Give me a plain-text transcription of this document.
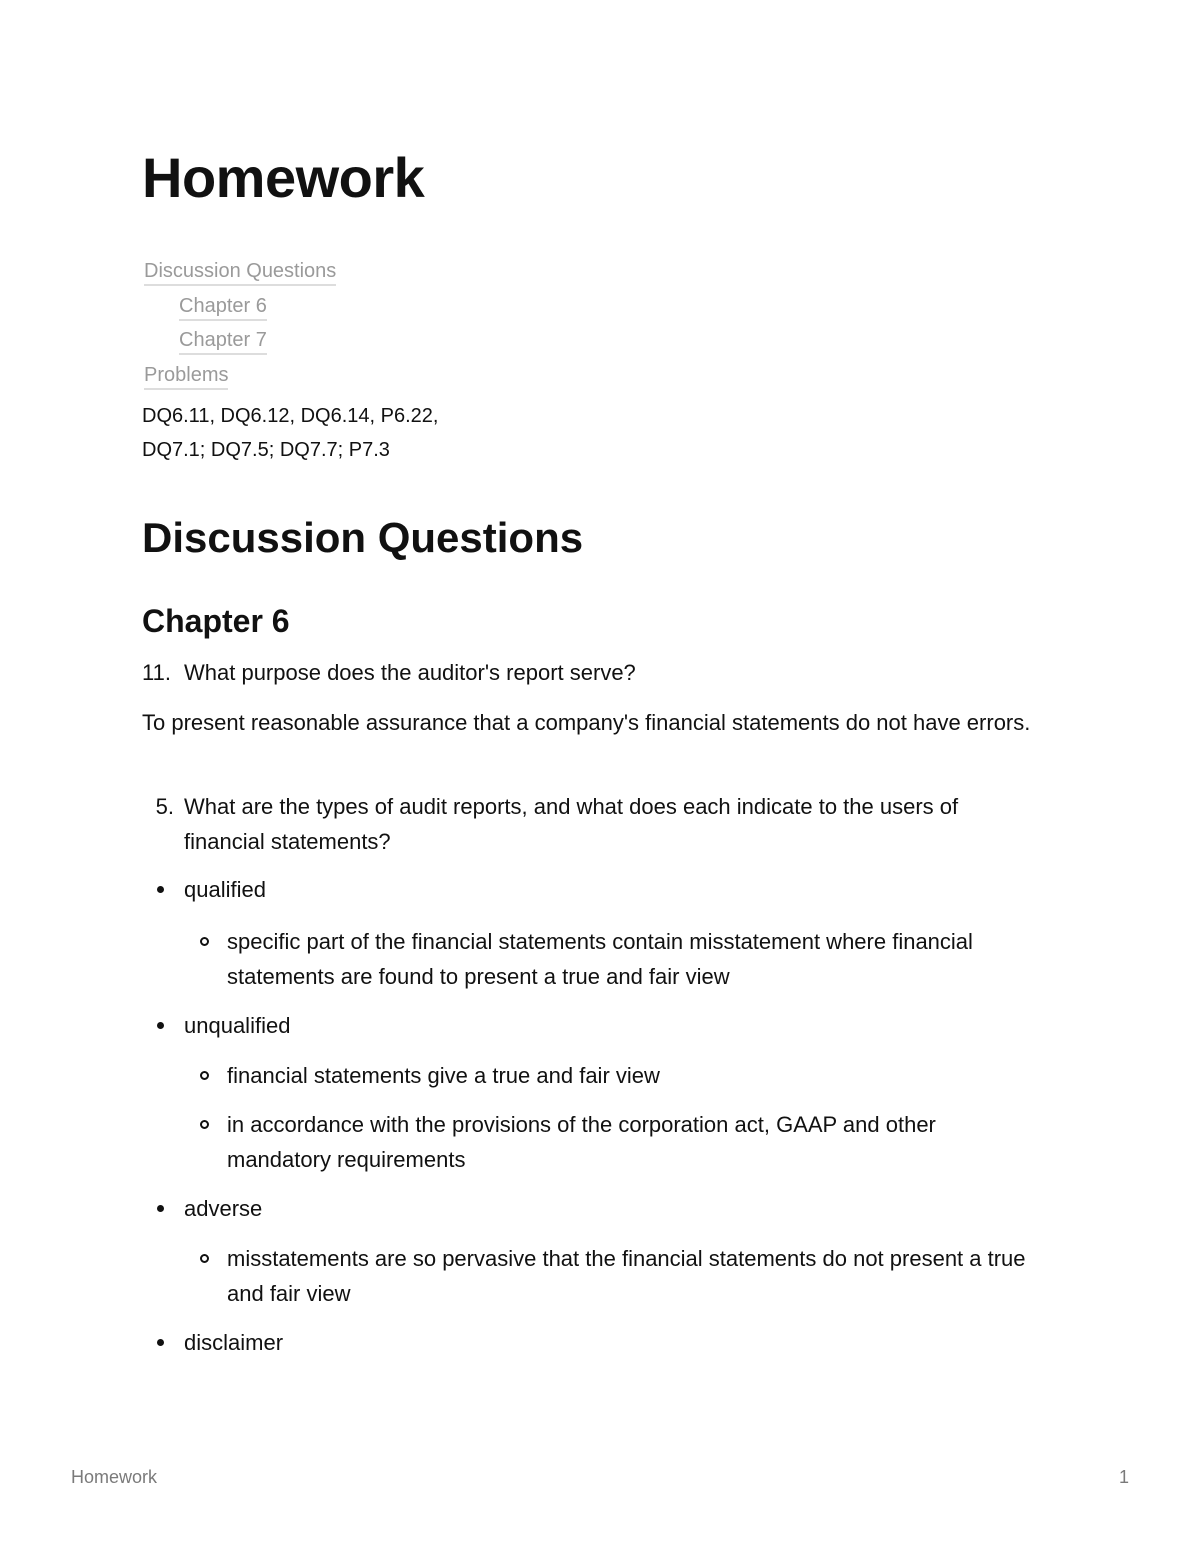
Homework
Discussion Questions
Chapter 6
Chapter 7
Problems
DQ6.11, DQ6.12, DQ6.14, P6.22,
DQ7.1; DQ7.5; DQ7.7; P7.3
Discussion Questions
Chapter 6
11. What purpose does the auditor's report serve?
To present reasonable assurance that a company's financial statements do not have errors.
5. What are the types of audit reports, and what does each indicate to the users of financial statements?
qualified
specific part of the financial statements contain misstatement where financial statements are found to present a true and fair view
unqualified
financial statements give a true and fair view
in accordance with the provisions of the corporation act, GAAP and other mandatory requirements
adverse
misstatements are so pervasive that the financial statements do not present a true and fair view
disclaimer
Homework	1
